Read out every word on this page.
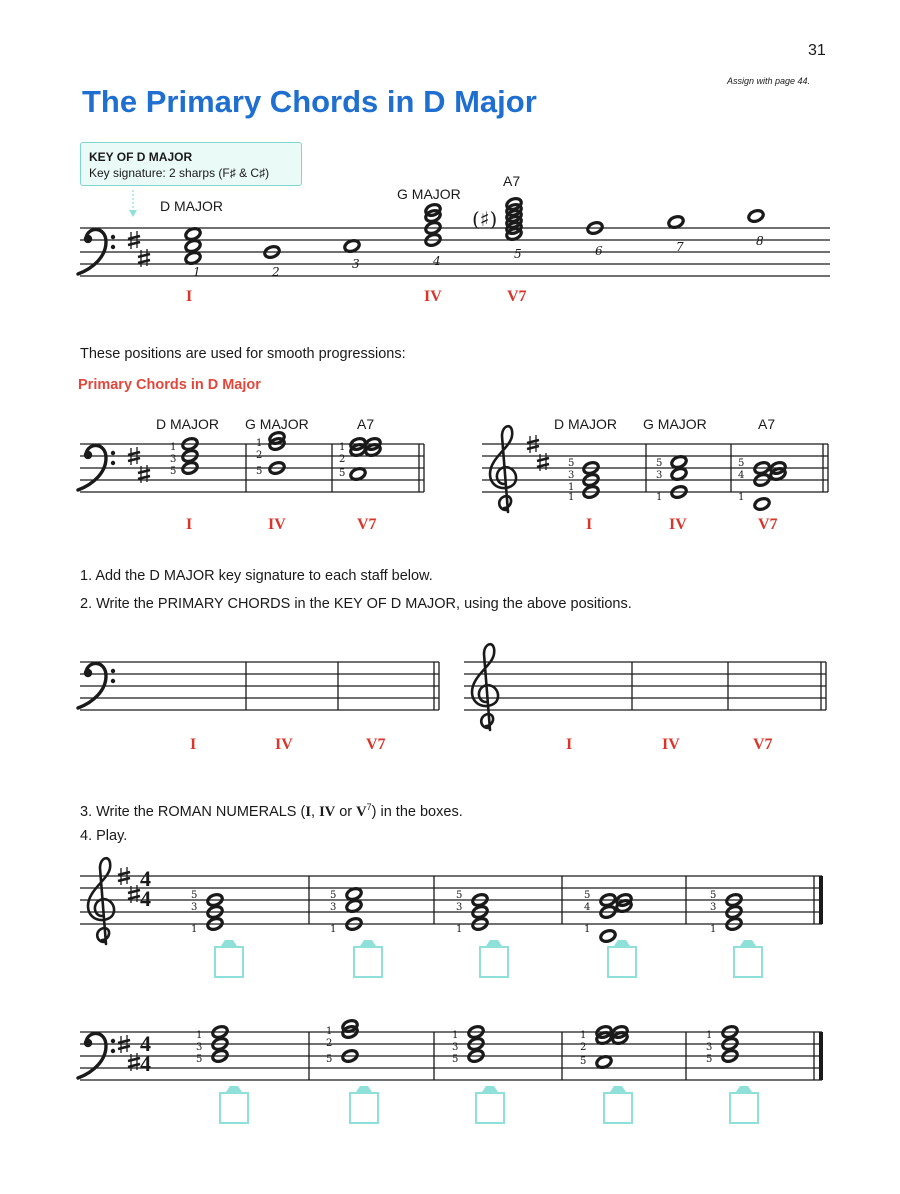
31
Assign with page 44.
The Primary Chords in D Major
KEY OF D MAJOR
Key signature: 2 sharps (F♯ & C♯)
1	2
3	4	5	6	7	8
1
3
5
1
2
5
1
2
5
5
3
1
1
5
3
1
5
4
1
5
3
1
5
3
1
5
3
1
5
4
1
5
3
1
1
3
5
1
2
5
1
3
5
1
2
5
1
3
5
D MAJOR
G MAJOR
A7
(♯)
I	IV	V7
These positions are used for smooth progressions:
Primary Chords in D Major
D MAJOR G MAJOR	A7
I	IV	V7
D MAJOR G MAJOR	A7
I	IV	V7
1. Add the D MAJOR key signature to each staff below.
2. Write the PRIMARY CHORDS in the KEY OF D MAJOR, using the above positions.
I	IV	V7	I	IV	V7
3. Write the ROMAN NUMERALS (I, IV or $V^7$) in the boxes.
4. Play.
4
4
4
4
